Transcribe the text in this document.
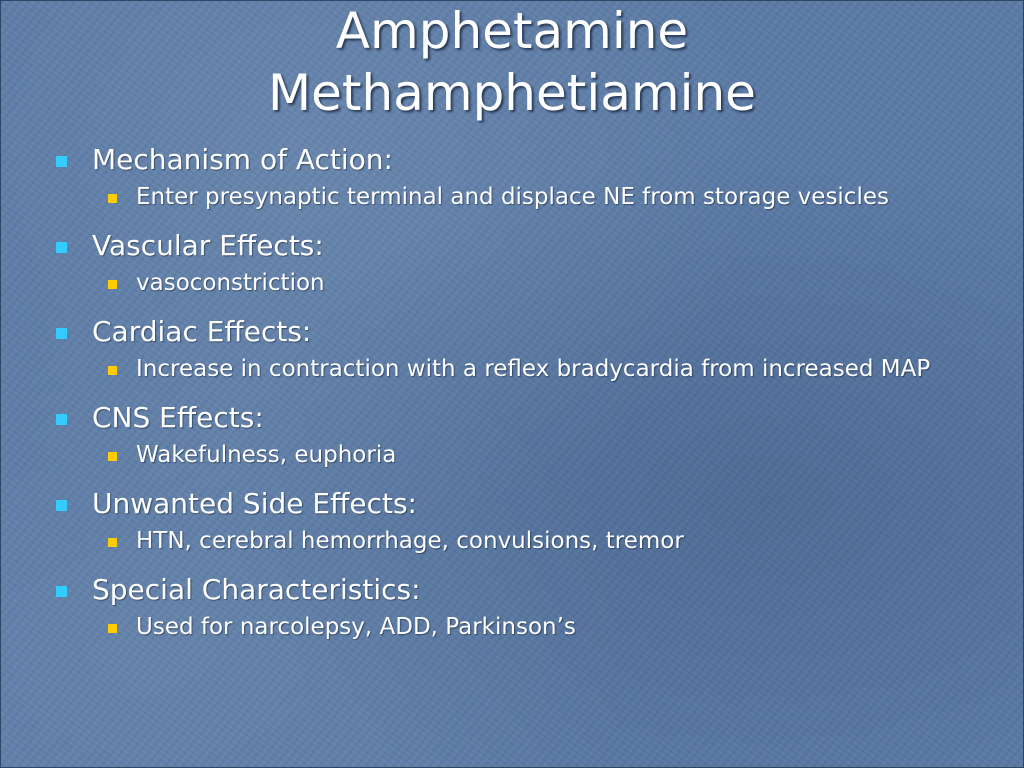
Amphetamine
Methamphetiamine
Mechanism of Action:
Enter presynaptic terminal and displace NE from storage vesicles
Vascular Effects:
vasoconstriction
Cardiac Effects:
Increase in contraction with a reflex bradycardia from increased MAP
CNS Effects:
Wakefulness, euphoria
Unwanted Side Effects:
HTN, cerebral hemorrhage, convulsions, tremor
Special Characteristics:
Used for narcolepsy, ADD, Parkinson’s
